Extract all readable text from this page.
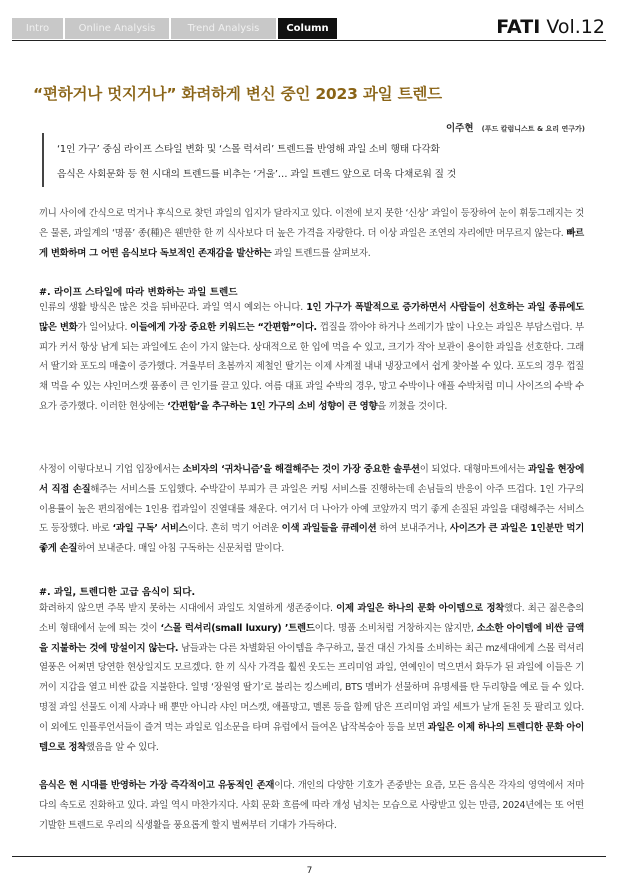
Intro	Online Analysis	Trend Analysis	Column	FATI Vol.12
“편하거나 멋지거나” 화려하게 변신 중인 2023 과일 트렌드
이주현 (푸드 칼럼니스트 & 요리 연구가)
‘1인 가구’ 중심 라이프 스타일 변화 및 ‘스몰 럭셔리’ 트렌드를 반영해 과일 소비 행태 다각화
음식은 사회문화 등 현 시대의 트렌드를 비추는 ‘거울’… 과일 트렌드 앞으로 더욱 다채로워 질 것

끼니 사이에 간식으로 먹거나 후식으로 찾던 과일의 입지가 달라지고 있다. 이전에 보지 못한 ‘신상’ 과일이 등장하여 눈이 휘둥그레지는 것은 물론, 과일계의 ‘명품’ 종(種)은 웬만한 한 끼 식사보다 더 높은 가격을 자랑한다. 더 이상 과일은 조연의 자리에만 머무르지 않는다. 빠르게 변화하며 그 어떤 음식보다 독보적인 존재감을 발산하는 과일 트렌드를 살펴보자.

#. 라이프 스타일에 따라 변화하는 과일 트렌드

인류의 생활 방식은 많은 것을 뒤바꾼다. 과일 역시 예외는 아니다. 1인 가구가 폭발적으로 증가하면서 사람들이 선호하는 과일 종류에도 많은 변화가 일어났다. 이들에게 가장 중요한 키워드는 “간편함”이다. 껍질을 깎아야 하거나 쓰레기가 많이 나오는 과일은 부담스럽다. 부피가 커서 항상 남게 되는 과일에도 손이 가지 않는다. 상대적으로 한 입에 먹을 수 있고, 크기가 작아 보관이 용이한 과일을 선호한다. 그래서 딸기와 포도의 매출이 증가했다. 겨울부터 초봄까지 제철인 딸기는 이제 사계절 내내 냉장고에서 쉽게 찾아볼 수 있다. 포도의 경우 껍질 채 먹을 수 있는 샤인머스캣 품종이 큰 인기를 끌고 있다. 여름 대표 과일 수박의 경우, 망고 수박이나 애플 수박처럼 미니 사이즈의 수박 수요가 증가했다. 이러한 현상에는 ‘간편함’을 추구하는 1인 가구의 소비 성향이 큰 영향을 끼쳤을 것이다.

사정이 이렇다보니 기업 입장에서는 소비자의 ‘귀차니즘’을 해결해주는 것이 가장 중요한 솔루션이 되었다. 대형마트에서는 과일을 현장에서 직접 손질해주는 서비스를 도입했다. 수박같이 부피가 큰 과일은 커팅 서비스를 진행하는데 손님들의 반응이 아주 뜨겁다. 1인 가구의 이용률이 높은 편의점에는 1인용 컵과일이 진열대를 채운다. 여기서 더 나아가 아예 코앞까지 먹기 좋게 손질된 과일을 대령해주는 서비스도 등장했다. 바로 ‘과일 구독’ 서비스이다. 흔히 먹기 어려운 이색 과일들을 큐레이션 하여 보내주거나, 사이즈가 큰 과일은 1인분만 먹기 좋게 손질하여 보내준다. 매일 아침 구독하는 신문처럼 말이다.

#. 과일, 트렌디한 고급 음식이 되다.

화려하지 않으면 주목 받지 못하는 시대에서 과일도 치열하게 생존중이다. 이제 과일은 하나의 문화 아이템으로 정착했다. 최근 젊은층의 소비 형태에서 눈에 띄는 것이 ‘스몰 럭셔리(small luxury) ’트렌드이다. 명품 소비처럼 거창하지는 않지만, 소소한 아이템에 비싼 금액을 지불하는 것에 망설이지 않는다. 남들과는 다른 차별화된 아이템을 추구하고, 물건 대신 가치를 소비하는 최근 mz세대에게 스몰 럭셔리 열풍은 어쩌면 당연한 현상일지도 모르겠다. 한 끼 식사 가격을 훨씬 웃도는 프리미엄 과일, 연예인이 먹으면서 화두가 된 과일에 이들은 기꺼이 지갑을 열고 비싼 값을 지불한다. 일명 ‘장원영 딸기’로 불리는 킹스베리, BTS 멤버가 선물하며 유명세를 탄 두리향을 예로 들 수 있다. 명절 과일 선물도 이제 사과나 배 뿐만 아니라 샤인 머스캣, 애플망고, 멜론 등을 함께 담은 프리미엄 과일 세트가 날개 돋친 듯 팔리고 있다. 이 외에도 인플루언서들이 즐겨 먹는 과일로 입소문을 타며 유럽에서 들여온 납작복숭아 등을 보면 과일은 이제 하나의 트렌디한 문화 아이템으로 정착했음을 알 수 있다.

음식은 현 시대를 반영하는 가장 즉각적이고 유동적인 존재이다. 개인의 다양한 기호가 존중받는 요즘, 모든 음식은 각자의 영역에서 저마다의 속도로 진화하고 있다. 과일 역시 마찬가지다. 사회 문화 흐름에 따라 개성 넘치는 모습으로 사랑받고 있는 만큼, 2024년에는 또 어떤 기발한 트렌드로 우리의 식생활을 풍요롭게 할지 벌써부터 기대가 가득하다.

7
